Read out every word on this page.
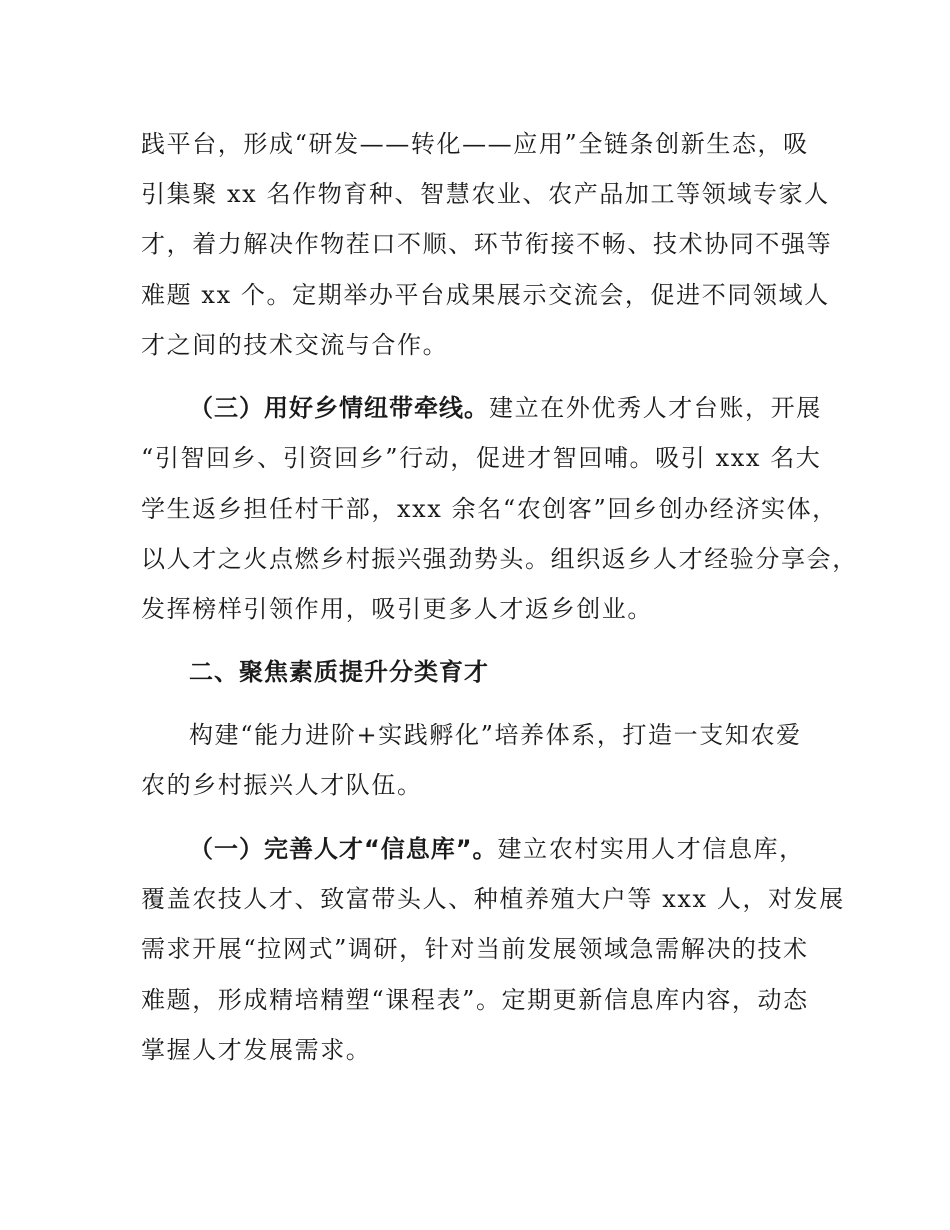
践平台，形成“研发——转化——应用”全链条创新生态，吸
引集聚 xx 名作物育种、智慧农业、农产品加工等领域专家人
才，着力解决作物茬口不顺、环节衔接不畅、技术协同不强等
难题 xx 个。定期举办平台成果展示交流会，促进不同领域人
才之间的技术交流与合作。
（三）用好乡情纽带牵线。建立在外优秀人才台账，开展
“引智回乡、引资回乡”行动，促进才智回哺。吸引 xxx 名大
学生返乡担任村干部，xxx 余名“农创客”回乡创办经济实体，
以人才之火点燃乡村振兴强劲势头。组织返乡人才经验分享会，
发挥榜样引领作用，吸引更多人才返乡创业。
二、聚焦素质提升分类育才
构建“能力进阶+实践孵化”培养体系，打造一支知农爱
农的乡村振兴人才队伍。
（一）完善人才“信息库”。建立农村实用人才信息库，
覆盖农技人才、致富带头人、种植养殖大户等 xxx 人，对发展
需求开展“拉网式”调研，针对当前发展领域急需解决的技术
难题，形成精培精塑“课程表”。定期更新信息库内容，动态
掌握人才发展需求。
